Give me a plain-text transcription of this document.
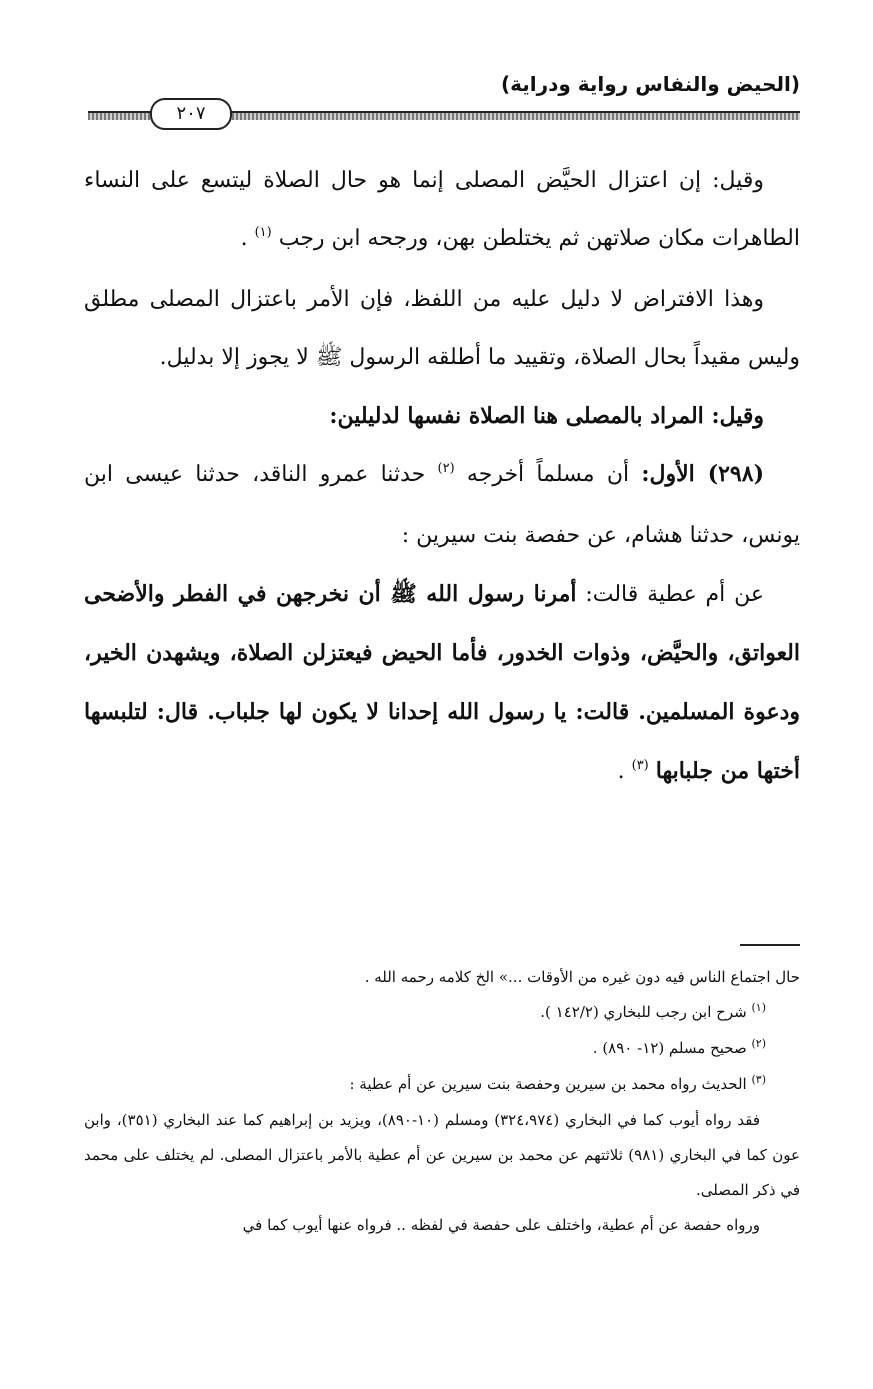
(الحيض والنفاس رواية ودراية)
٢٠٧

وقيل: إن اعتزال الحيَّض المصلى إنما هو حال الصلاة ليتسع على النساء الطاهرات مكان صلاتهن ثم يختلطن بهن، ورجحه ابن رجب $^{(١)}$ .

وهذا الافتراض لا دليل عليه من اللفظ، فإن الأمر باعتزال المصلى مطلق وليس مقيداً بحال الصلاة، وتقييد ما أطلقه الرسول ﷺ لا يجوز إلا بدليل.

وقيل: المراد بالمصلى هنا الصلاة نفسها لدليلين:

(٢٩٨) الأول: أن مسلماً أخرجه $^{(٢)}$ حدثنا عمرو الناقد، حدثنا عيسى ابن يونس، حدثنا هشام، عن حفصة بنت سيرين :

عن أم عطية قالت: أمرنا رسول الله ﷺ أن نخرجهن في الفطر والأضحى العواتق، والحيَّض، وذوات الخدور، فأما الحيض فيعتزلن الصلاة، ويشهدن الخير، ودعوة المسلمين. قالت: يا رسول الله إحدانا لا يكون لها جلباب. قال: لتلبسها أختها من جلبابها $^{(٣)}$ .

حال اجتماع الناس فيه دون غيره من الأوقات ...» الخ كلامه رحمه الله .

$^{(١)}$ شرح ابن رجب للبخاري (١٤٢/٢ ).

$^{(٢)}$ صحيح مسلم (١٢- ٨٩٠) .

$^{(٣)}$ الحديث رواه محمد بن سيرين وحفصة بنت سيرين عن أم عطية :

فقد رواه أيوب كما في البخاري (٣٢٤،٩٧٤) ومسلم (١٠-٨٩٠)، ويزيد بن إبراهيم كما عند البخاري (٣٥١)، وابن عون كما في البخاري (٩٨١) ثلاثتهم عن محمد بن سيرين عن أم عطية بالأمر باعتزال المصلى. لم يختلف على محمد في ذكر المصلى.

ورواه حفصة عن أم عطية، واختلف على حفصة في لفظه .. فرواه عنها أيوب كما في
